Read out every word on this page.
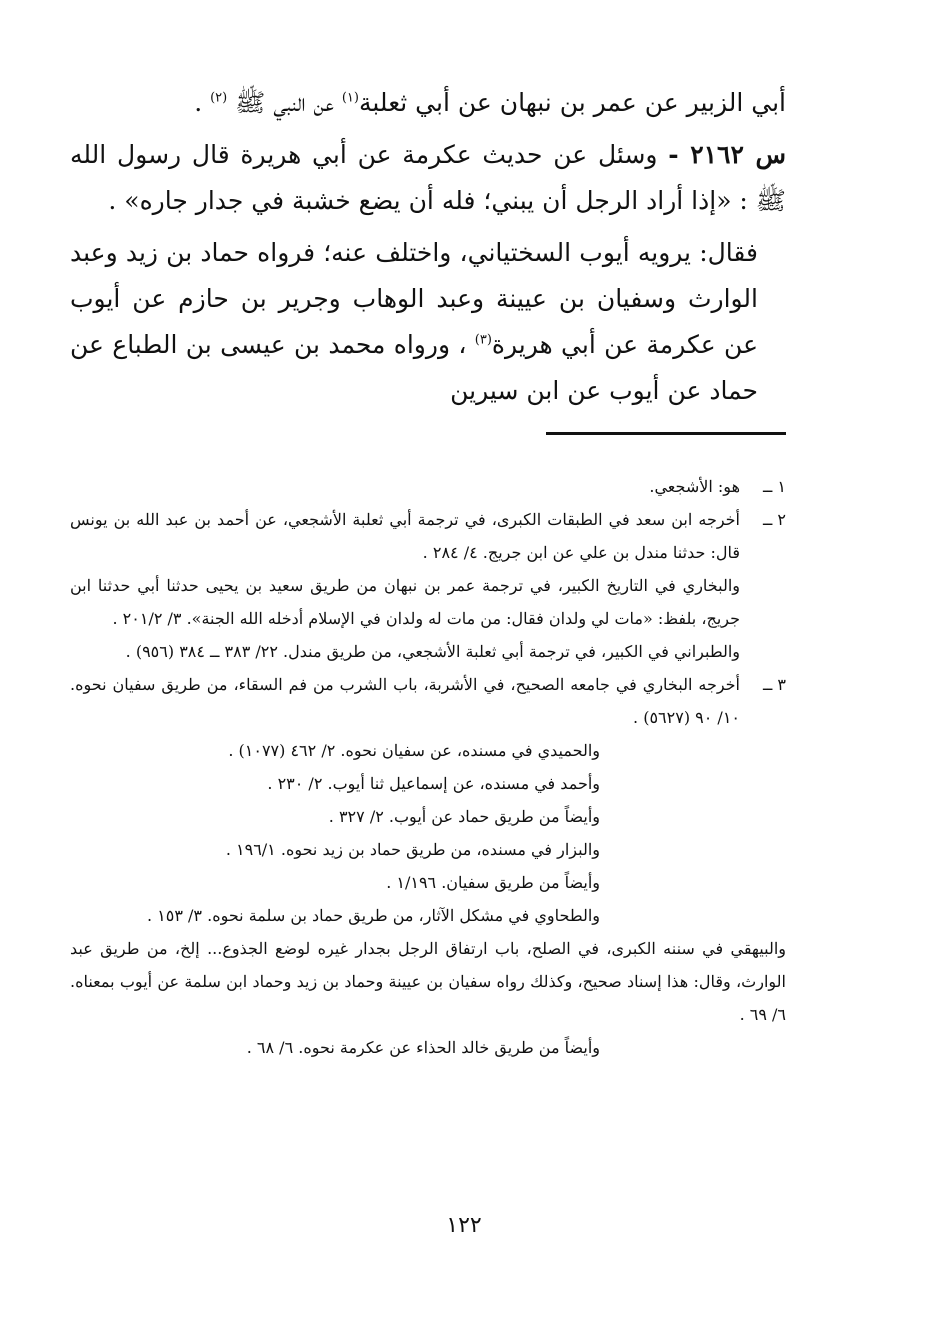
أبي الزبير عن عمر بن نبهان عن أبي ثعلبة$^{(١)}$ عن النبي ﷺ $^{(٢)}$ .

س ٢١٦٢ - وسئل عن حديث عكرمة عن أبي هريرة قال رسول الله ﷺ : «إذا أراد الرجل أن يبني؛ فله أن يضع خشبة في جدار جاره» .

فقال: يرويه أيوب السختياني، واختلف عنه؛ فرواه حماد بن زيد وعبد الوارث وسفيان بن عيينة وعبد الوهاب وجرير بن حازم عن أيوب عن عكرمة عن أبي هريرة$^{(٣)}$ ، ورواه محمد بن عيسى بن الطباع عن حماد عن أيوب عن ابن سيرين

١ ــ

هو: الأشجعي.

٢ ــ

أخرجه ابن سعد في الطبقات الكبرى، في ترجمة أبي ثعلبة الأشجعي، عن أحمد بن عبد الله بن يونس قال: حدثنا مندل بن علي عن ابن جريج. ٤/ ٢٨٤ .

والبخاري في التاريخ الكبير، في ترجمة عمر بن نبهان من طريق سعيد بن يحيى حدثنا أبي حدثنا ابن جريج، بلفظ: «مات لي ولدان فقال: من مات له ولدان في الإسلام أدخله الله الجنة». ٣/ ٢٠١/٢ .

والطبراني في الكبير، في ترجمة أبي ثعلبة الأشجعي، من طريق مندل. ٢٢/ ٣٨٣ ــ ٣٨٤ (٩٥٦) .

٣ ــ

أخرجه البخاري في جامعه الصحيح، في الأشربة، باب الشرب من فم السقاء، من طريق سفيان نحوه. ١٠/ ٩٠ (٥٦٢٧) .

والحميدي في مسنده، عن سفيان نحوه. ٢/ ٤٦٢ (١٠٧٧) .

وأحمد في مسنده، عن إسماعيل ثنا أيوب. ٢/ ٢٣٠ .

وأيضاً من طريق حماد عن أيوب. ٢/ ٣٢٧ .

والبزار في مسنده، من طريق حماد بن زيد نحوه. ١٩٦/١ .

وأيضاً من طريق سفيان. ١/١٩٦ .

والطحاوي في مشكل الآثار، من طريق حماد بن سلمة نحوه. ٣/ ١٥٣ .

والبيهقي في سننه الكبرى، في الصلح، باب ارتفاق الرجل بجدار غيره لوضع الجذوع... إلخ، من طريق عبد الوارث، وقال: هذا إسناد صحيح، وكذلك رواه سفيان بن عيينة وحماد بن زيد وحماد ابن سلمة عن أيوب بمعناه. ٦/ ٦٩ .

وأيضاً من طريق خالد الحذاء عن عكرمة نحوه. ٦/ ٦٨ .

١٢٢
